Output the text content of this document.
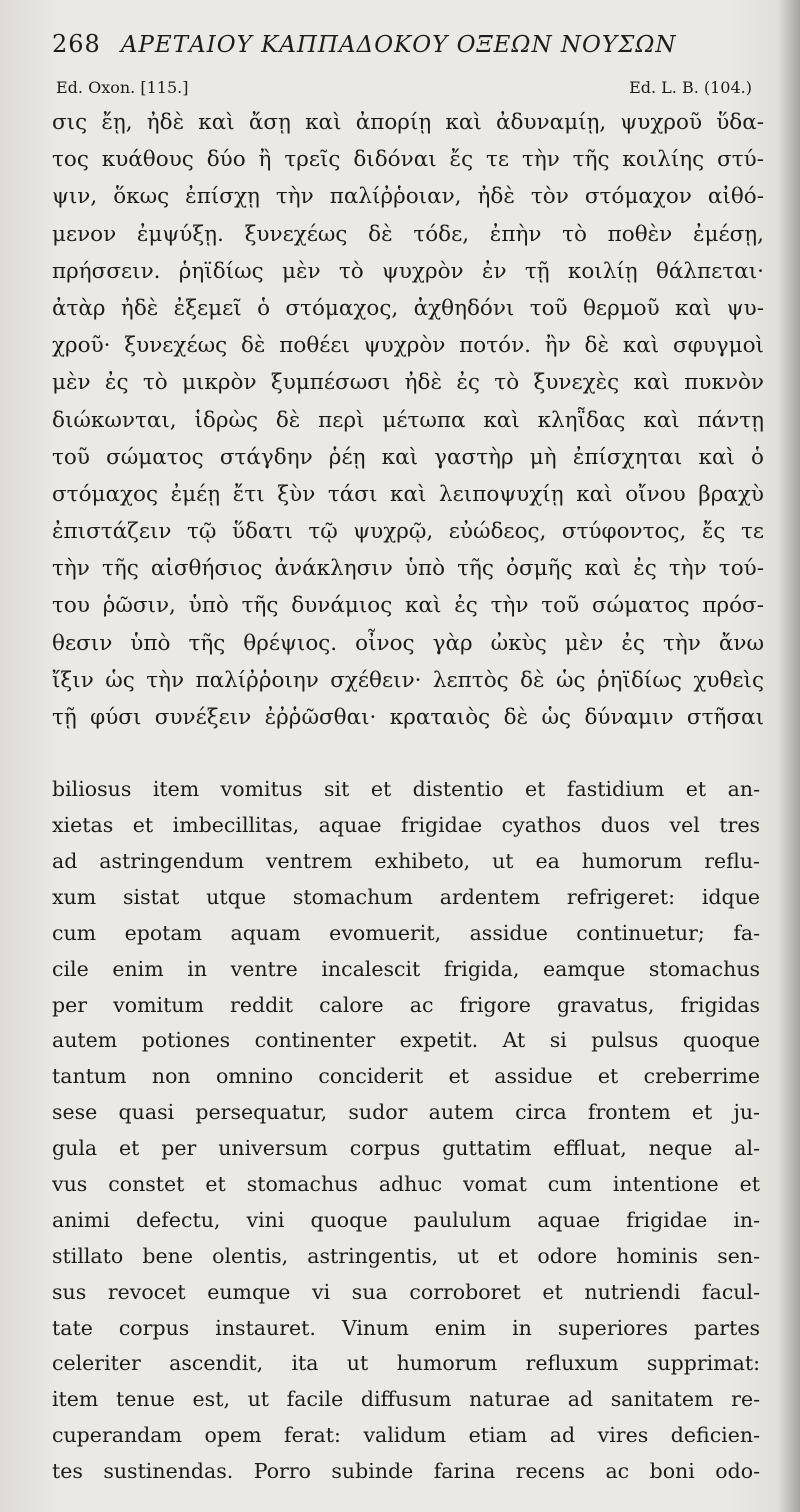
268 ΑΡΕΤΑΙΟΥ ΚΑΠΠΑΔΟΚΟΥ ΟΞΕΩΝ ΝΟΥΣΩΝ
Ed. Oxon. [115.]	Ed. L. B. (104.)
σις ἔῃ, ἠδὲ καὶ ἄσῃ καὶ ἀπορίῃ καὶ ἀδυναμίῃ, ψυχροῦ ὕδα-
τος κυάθους δύο ἢ τρεῖς διδόναι ἔς τε τὴν τῆς κοιλίης στύ-
ψιν, ὅκως ἐπίσχῃ τὴν παλίῤῥοιαν, ἠδὲ τὸν στόμαχον αἰθό-
μενον ἐμψύξῃ. ξυνεχέως δὲ τόδε, ἐπὴν τὸ ποθὲν ἐμέσῃ,
πρήσσειν. ῥηϊδίως μὲν τὸ ψυχρὸν ἐν τῇ κοιλίῃ θάλπεται·
ἀτὰρ ἠδὲ ἐξεμεῖ ὁ στόμαχος, ἀχθηδόνι τοῦ θερμοῦ καὶ ψυ-
χροῦ· ξυνεχέως δὲ ποθέει ψυχρὸν ποτόν. ἢν δὲ καὶ σφυγμοὶ
μὲν ἐς τὸ μικρὸν ξυμπέσωσι ἠδὲ ἐς τὸ ξυνεχὲς καὶ πυκνὸν
διώκωνται, ἱδρὼς δὲ περὶ μέτωπα καὶ κληῗδας καὶ πάντῃ
τοῦ σώματος στάγδην ῥέῃ καὶ γαστὴρ μὴ ἐπίσχηται καὶ ὁ
στόμαχος ἐμέῃ ἔτι ξὺν τάσι καὶ λειποψυχίῃ καὶ οἴνου βραχὺ
ἐπιστάζειν τῷ ὕδατι τῷ ψυχρῷ, εὐώδεος, στύφοντος, ἔς τε
τὴν τῆς αἰσθήσιος ἀνάκλησιν ὑπὸ τῆς ὀσμῆς καὶ ἐς τὴν τού-
του ῥῶσιν, ὑπὸ τῆς δυνάμιος καὶ ἐς τὴν τοῦ σώματος πρόσ-
θεσιν ὑπὸ τῆς θρέψιος. οἶνος γὰρ ὠκὺς μὲν ἐς τὴν ἄνω
ἴξιν ὡς τὴν παλίῤῥοιην σχέθειν· λεπτὸς δὲ ὡς ῥηϊδίως χυθεὶς
τῇ φύσι συνέξειν ἐῤῥῶσθαι· κραταιὸς δὲ ὡς δύναμιν στῆσαι
biliosus item vomitus sit et distentio et fastidium et an-
xietas et imbecillitas, aquae frigidae cyathos duos vel tres
ad astringendum ventrem exhibeto, ut ea humorum reflu-
xum sistat utque stomachum ardentem refrigeret: idque
cum epotam aquam evomuerit, assidue continuetur; fa-
cile enim in ventre incalescit frigida, eamque stomachus
per vomitum reddit calore ac frigore gravatus, frigidas
autem potiones continenter expetit. At si pulsus quoque
tantum non omnino conciderit et assidue et creberrime
sese quasi persequatur, sudor autem circa frontem et ju-
gula et per universum corpus guttatim effluat, neque al-
vus constet et stomachus adhuc vomat cum intentione et
animi defectu, vini quoque paululum aquae frigidae in-
stillato bene olentis, astringentis, ut et odore hominis sen-
sus revocet eumque vi sua corroboret et nutriendi facul-
tate corpus instauret. Vinum enim in superiores partes
celeriter ascendit, ita ut humorum refluxum supprimat:
item tenue est, ut facile diffusum naturae ad sanitatem re-
cuperandam opem ferat: validum etiam ad vires deficien-
tes sustinendas. Porro subinde farina recens ac boni odo-
